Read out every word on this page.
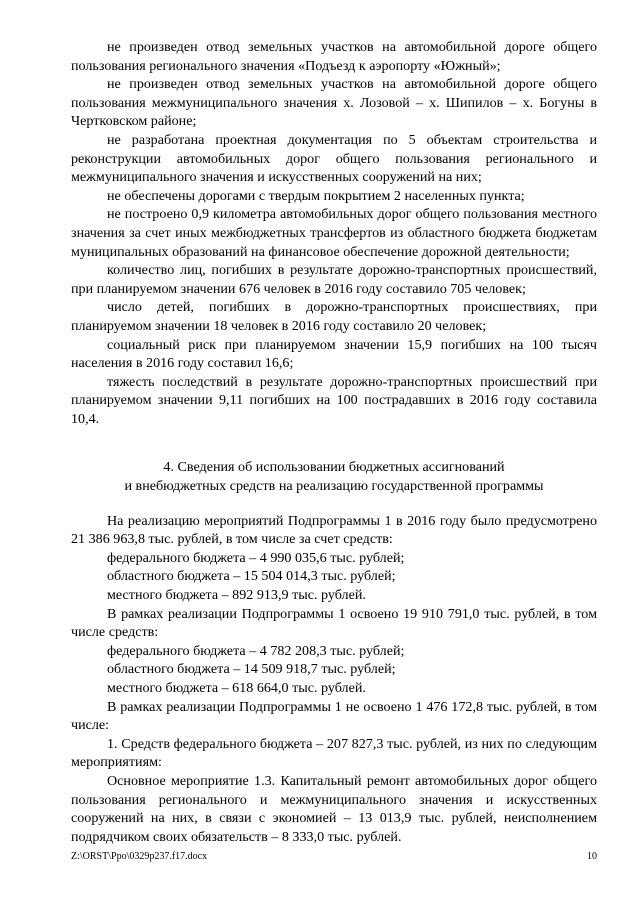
не произведен отвод земельных участков на автомобильной дороге общего пользования регионального значения «Подъезд к аэропорту «Южный»;

не произведен отвод земельных участков на автомобильной дороге общего пользования межмуниципального значения х. Лозовой – х. Шипилов – х. Богуны в Чертковском районе;

не разработана проектная документация по 5 объектам строительства и реконструкции автомобильных дорог общего пользования регионального и межмуниципального значения и искусственных сооружений на них;

не обеспечены дорогами с твердым покрытием 2 населенных пункта;

не построено 0,9 километра автомобильных дорог общего пользования местного значения за счет иных межбюджетных трансфертов из областного бюджета бюджетам муниципальных образований на финансовое обеспечение дорожной деятельности;

количество лиц, погибших в результате дорожно-транспортных происшествий, при планируемом значении 676 человек в 2016 году составило 705 человек;

число детей, погибших в дорожно-транспортных происшествиях, при планируемом значении 18 человек в 2016 году составило 20 человек;

социальный риск при планируемом значении 15,9 погибших на 100 тысяч населения в 2016 году составил 16,6;

тяжесть последствий в результате дорожно-транспортных происшествий при планируемом значении 9,11 погибших на 100 пострадавших в 2016 году составила 10,4.

4. Сведения об использовании бюджетных ассигнований
и внебюджетных средств на реализацию государственной программы

На реализацию мероприятий Подпрограммы 1 в 2016 году было предусмотрено 21 386 963,8 тыс. рублей, в том числе за счет средств:

федерального бюджета – 4 990 035,6 тыс. рублей;

областного бюджета – 15 504 014,3 тыс. рублей;

местного бюджета – 892 913,9 тыс. рублей.

В рамках реализации Подпрограммы 1 освоено 19 910 791,0 тыс. рублей, в том числе средств:

федерального бюджета – 4 782 208,3 тыс. рублей;

областного бюджета – 14 509 918,7 тыс. рублей;

местного бюджета – 618 664,0 тыс. рублей.

В рамках реализации Подпрограммы 1 не освоено 1 476 172,8 тыс. рублей, в том числе:

1. Средств федерального бюджета – 207 827,3 тыс. рублей, из них по следующим мероприятиям:

Основное мероприятие 1.3. Капитальный ремонт автомобильных дорог общего пользования регионального и межмуниципального значения и искусственных сооружений на них, в связи с экономией – 13 013,9 тыс. рублей, неисполнением подрядчиком своих обязательств – 8 333,0 тыс. рублей.

Z:\ORST\Ppo\0329p237.f17.docx	10
